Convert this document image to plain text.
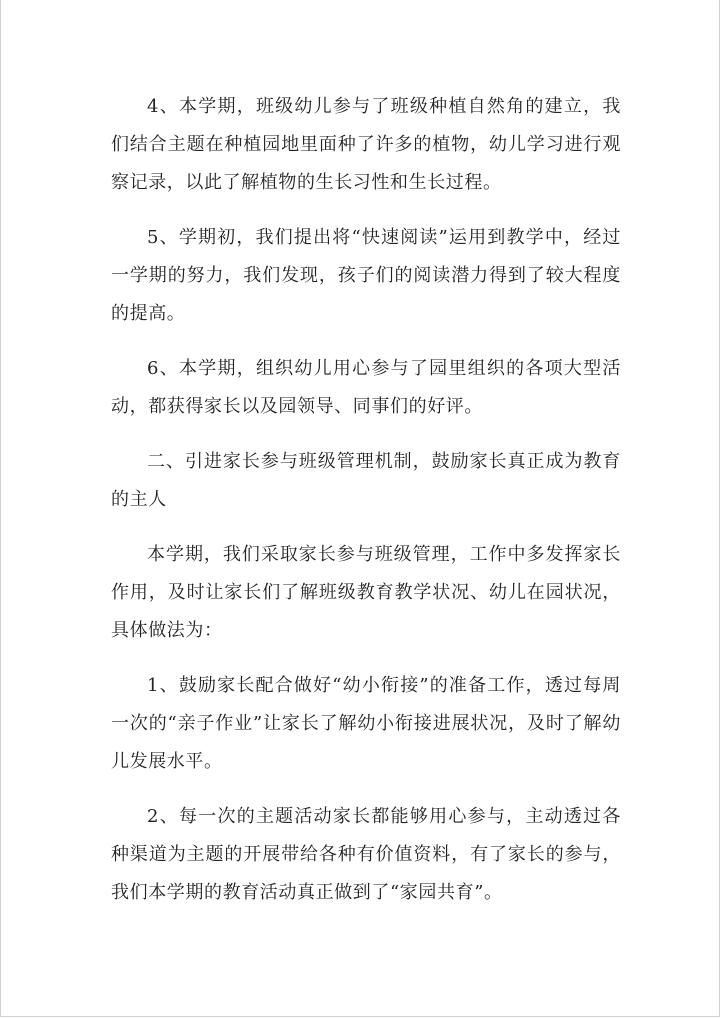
4、本学期，班级幼儿参与了班级种植自然角的建立，我们结合主题在种植园地里面种了许多的植物，幼儿学习进行观察记录，以此了解植物的生长习性和生长过程。

5、学期初，我们提出将“快速阅读”运用到教学中，经过一学期的努力，我们发现，孩子们的阅读潜力得到了较大程度的提高。

6、本学期，组织幼儿用心参与了园里组织的各项大型活动，都获得家长以及园领导、同事们的好评。

二、引进家长参与班级管理机制，鼓励家长真正成为教育的主人

本学期，我们采取家长参与班级管理，工作中多发挥家长作用，及时让家长们了解班级教育教学状况、幼儿在园状况，具体做法为：

1、鼓励家长配合做好“幼小衔接”的准备工作，透过每周一次的“亲子作业”让家长了解幼小衔接进展状况，及时了解幼儿发展水平。

2、每一次的主题活动家长都能够用心参与，主动透过各种渠道为主题的开展带给各种有价值资料，有了家长的参与，我们本学期的教育活动真正做到了“家园共育”。
